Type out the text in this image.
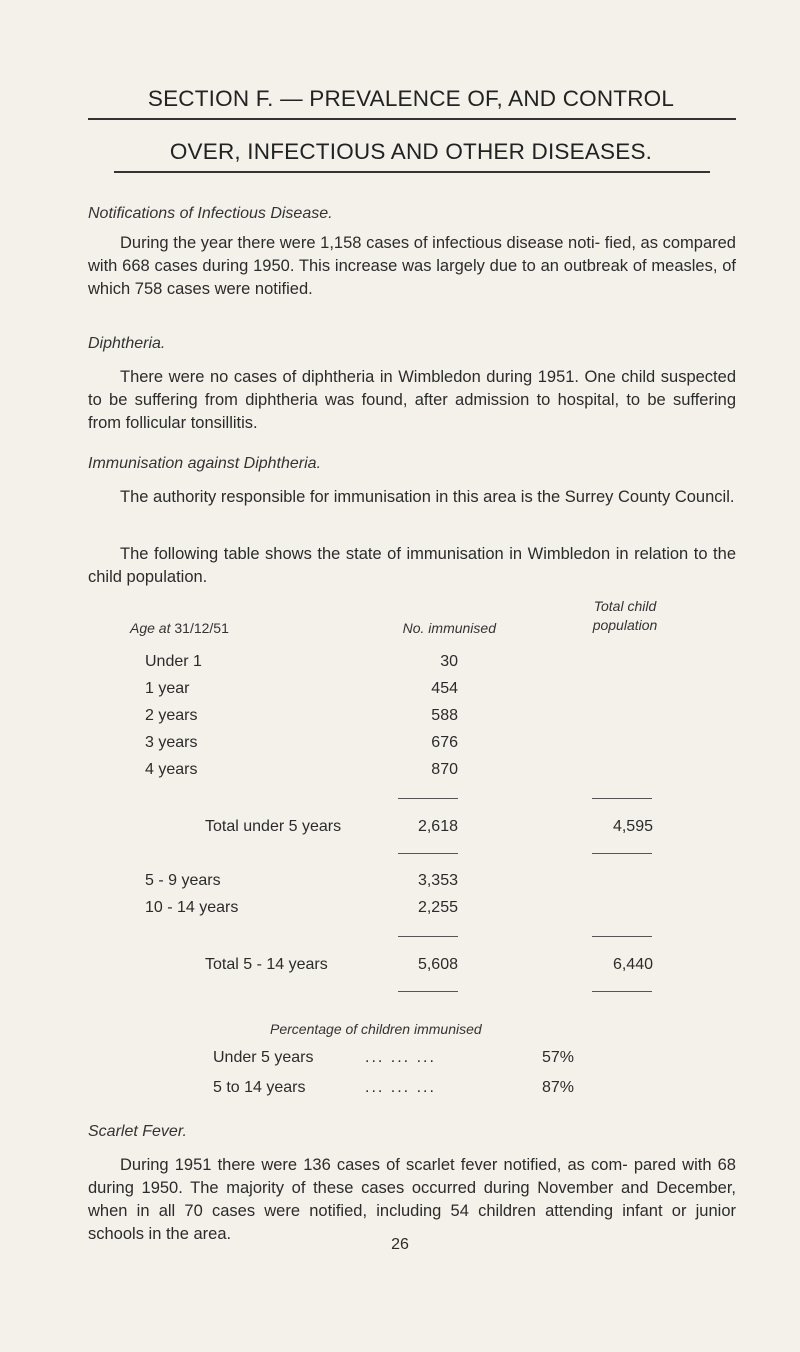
SECTION F. — PREVALENCE OF, AND CONTROL
OVER, INFECTIOUS AND OTHER DISEASES.
Notifications of Infectious Disease.
During the year there were 1,158 cases of infectious disease noti- fied, as compared with 668 cases during 1950. This increase was largely due to an outbreak of measles, of which 758 cases were notified.
Diphtheria.
There were no cases of diphtheria in Wimbledon during 1951. One child suspected to be suffering from diphtheria was found, after admission to hospital, to be suffering from follicular tonsillitis.
Immunisation against Diphtheria.
The authority responsible for immunisation in this area is the Surrey County Council.
The following table shows the state of immunisation in Wimbledon in relation to the child population.
Age at 31/12/51	No. immunised
Total child
population
Under 1	30
1 year	454
2 years	588
3 years	676
4 years	870
Total under 5 years	2,618	4,595
5 - 9 years	3,353
10 - 14 years	2,255
Total 5 - 14 years	5,608	6,440
Percentage of children immunised
Under 5 years	... ... ...	57%
5 to 14 years	... ... ...	87%
Scarlet Fever.
During 1951 there were 136 cases of scarlet fever notified, as com- pared with 68 during 1950. The majority of these cases occurred during November and December, when in all 70 cases were notified, including 54 children attending infant or junior schools in the area.
26
